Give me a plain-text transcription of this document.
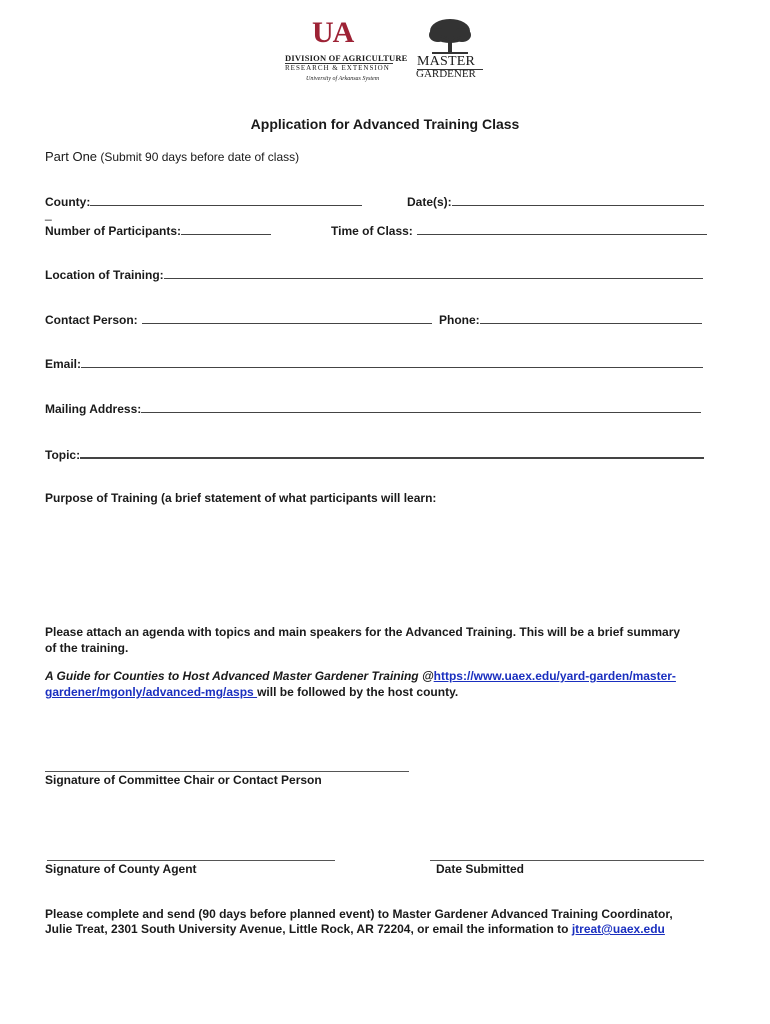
UA
DIVISION OF AGRICULTURE
RESEARCH & EXTENSION
University of Arkansas System
MASTER
GARDENER
Application for Advanced Training Class
Part One (Submit 90 days before date of class)
County:	Date(s):
_
Number of Participants:	Time of Class:
Location of Training:
Contact Person:	Phone:
Email:
Mailing Address:
Topic:
Purpose of Training (a brief statement of what participants will learn:
Please attach an agenda with topics and main speakers for the Advanced Training. This will be a brief summary
of the training.
A Guide for Counties to Host Advanced Master Gardener Training @https://www.uaex.edu/yard-garden/master-
gardener/mgonly/advanced-mg/asps will be followed by the host county.
Signature of Committee Chair or Contact Person
Signature of County Agent	Date Submitted
Please complete and send (90 days before planned event) to Master Gardener Advanced Training Coordinator,
Julie Treat, 2301 South University Avenue, Little Rock, AR 72204, or email the information to jtreat@uaex.edu
